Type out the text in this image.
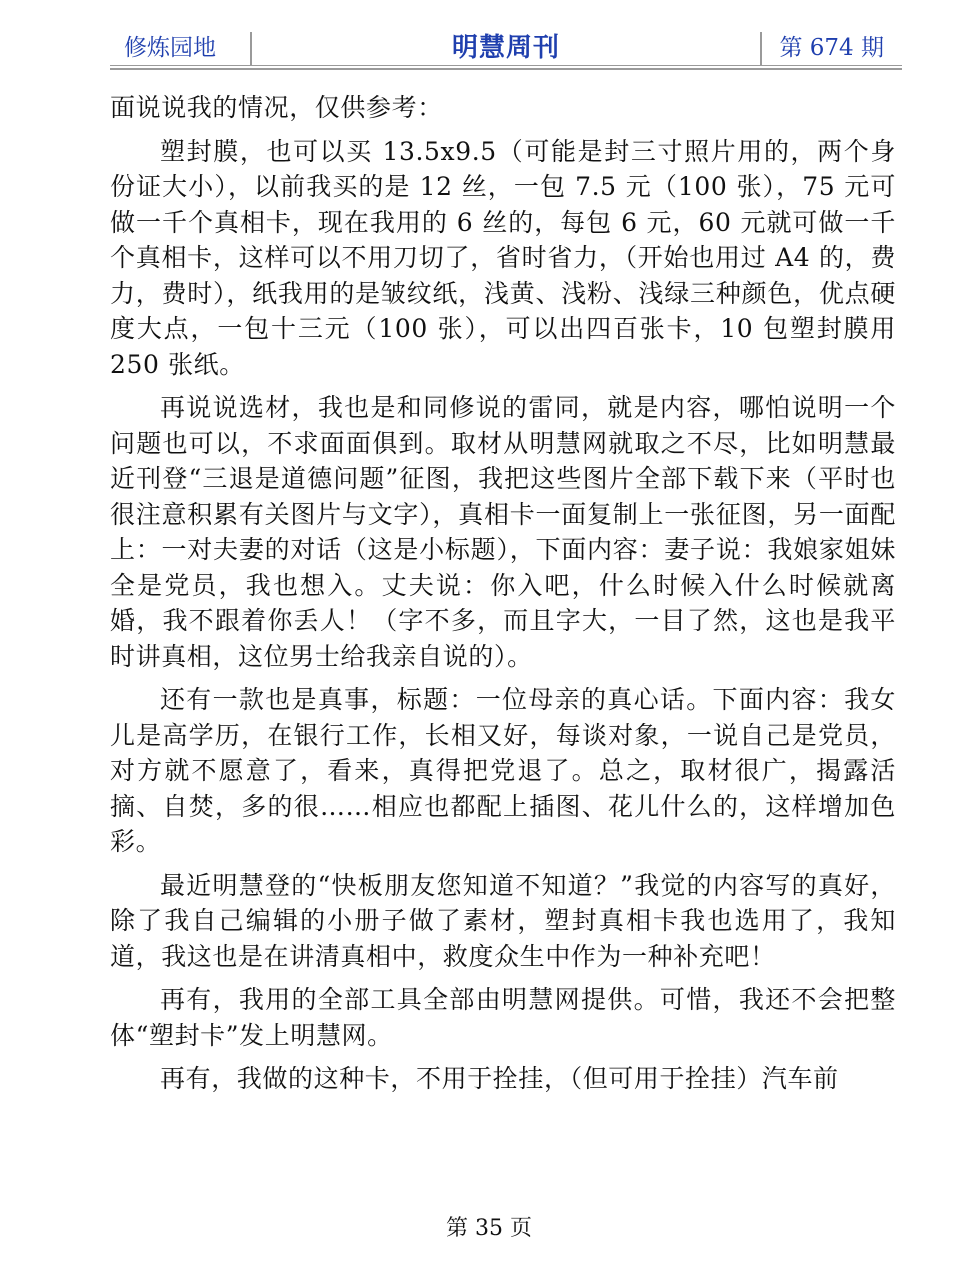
修炼园地	明慧周刊	第 674 期

面说说我的情况，仅供参考：

塑封膜，也可以买 13.5x9.5（可能是封三寸照片用的，两个身份证大小），以前我买的是 12 丝，一包 7.5 元（100 张），75 元可做一千个真相卡，现在我用的 6 丝的，每包 6 元，60 元就可做一千个真相卡，这样可以不用刀切了，省时省力，（开始也用过 A4 的，费力，费时），纸我用的是皱纹纸，浅黄、浅粉、浅绿三种颜色，优点硬度大点，一包十三元（100 张），可以出四百张卡，10 包塑封膜用 250 张纸。

再说说选材，我也是和同修说的雷同，就是内容，哪怕说明一个问题也可以，不求面面俱到。取材从明慧网就取之不尽，比如明慧最近刊登“三退是道德问题”征图，我把这些图片全部下载下来（平时也很注意积累有关图片与文字），真相卡一面复制上一张征图，另一面配上：一对夫妻的对话（这是小标题），下面内容：妻子说：我娘家姐妹全是党员，我也想入。丈夫说：你入吧，什么时候入什么时候就离婚，我不跟着你丢人！（字不多，而且字大，一目了然，这也是我平时讲真相，这位男士给我亲自说的）。

还有一款也是真事，标题：一位母亲的真心话。下面内容：我女儿是高学历，在银行工作，长相又好，每谈对象，一说自己是党员，对方就不愿意了，看来，真得把党退了。总之，取材很广，揭露活摘、自焚，多的很……相应也都配上插图、花儿什么的，这样增加色彩。

最近明慧登的“快板朋友您知道不知道？”我觉的内容写的真好，除了我自己编辑的小册子做了素材，塑封真相卡我也选用了，我知道，我这也是在讲清真相中，救度众生中作为一种补充吧！

再有，我用的全部工具全部由明慧网提供。可惜，我还不会把整体“塑封卡”发上明慧网。

再有，我做的这种卡，不用于拴挂，（但可用于拴挂）汽车前

第 35 页
